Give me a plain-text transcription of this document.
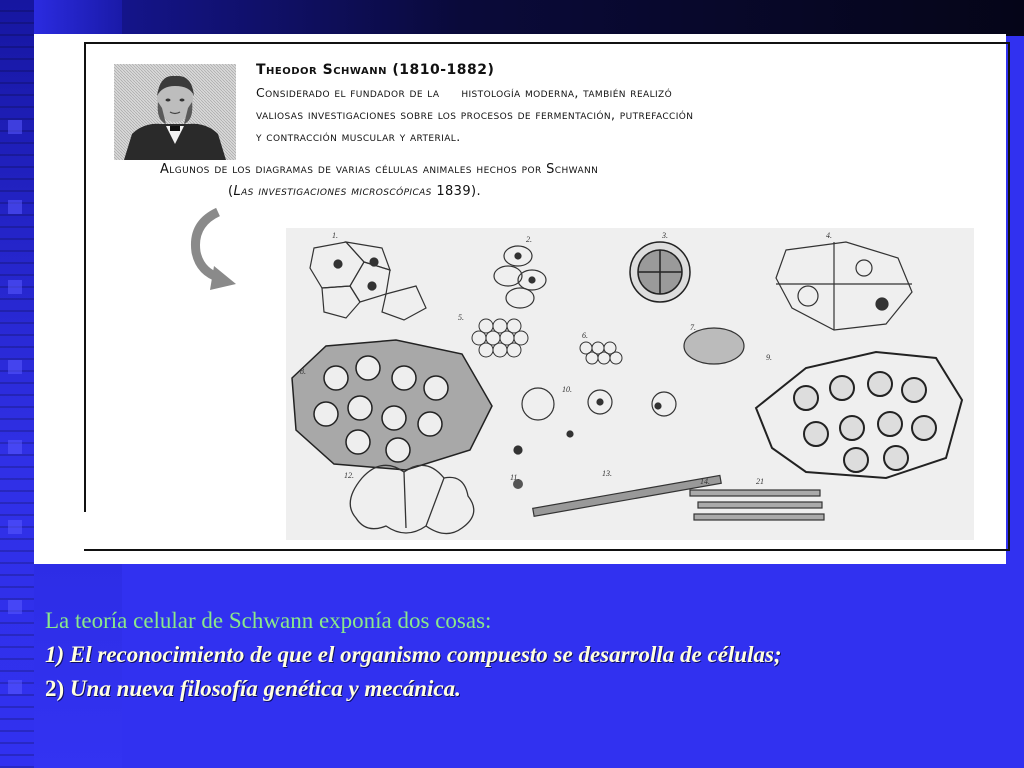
Theodor Schwann (1810-1882)
Considerado el fundador de la     histología moderna, también realizó
valiosas investigaciones sobre los procesos de fermentación, putrefacción
y contracción muscular y arterial.
Algunos de los diagramas de varias células animales hechos por Schwann
(Las investigaciones microscópicas 1839).
1.	2.	3.	4.
5.
6.
7.
8.
9.
10.
11.
12.	13.
14.	21
La teoría celular de Schwann exponía dos cosas:
1) El reconocimiento de que el organismo compuesto se desarrolla de células;
2) Una nueva filosofía genética y mecánica.
